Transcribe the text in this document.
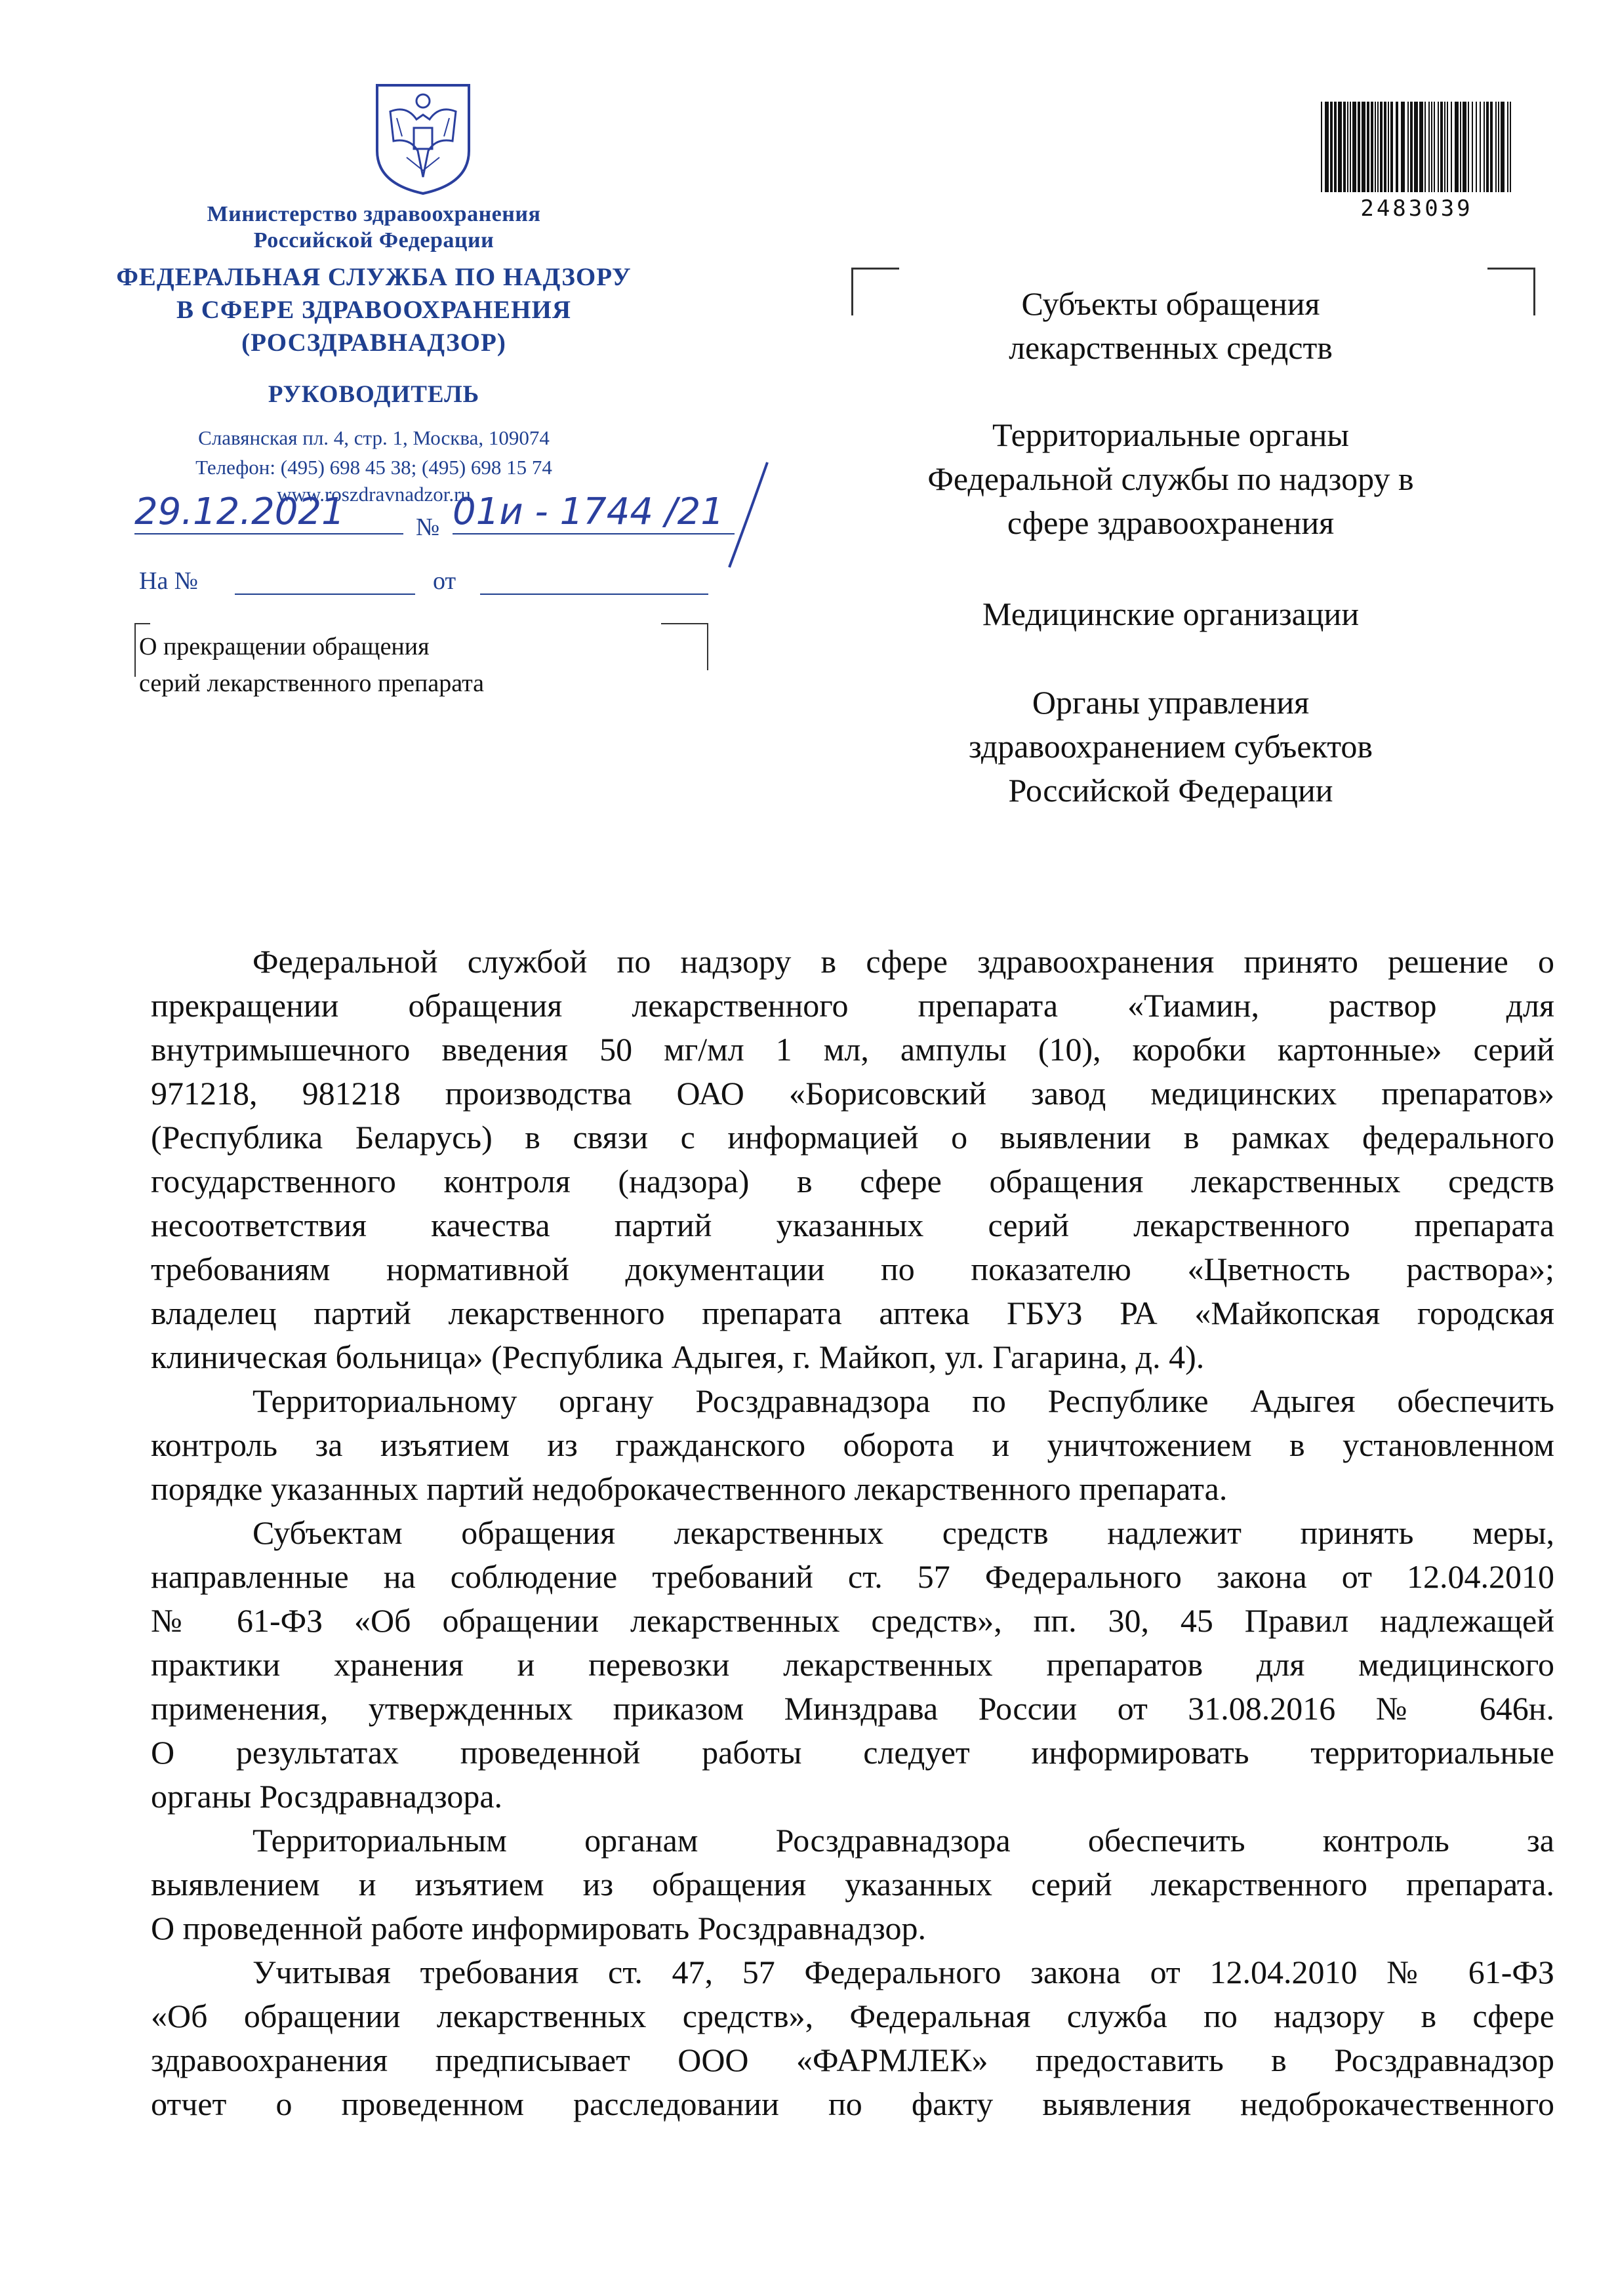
Министерство здравоохранения
Российской Федерации
ФЕДЕРАЛЬНАЯ СЛУЖБА ПО НАДЗОРУ
В СФЕРЕ ЗДРАВООХРАНЕНИЯ
(РОСЗДРАВНАДЗОР)
РУКОВОДИТЕЛЬ
Славянская пл. 4, стр. 1, Москва, 109074
Телефон: (495) 698 45 38; (495) 698 15 74
www.roszdravnadzor.ru
29.12.2021	№ 01и - 1744 /21
На №	от
О прекращении обращения
серий лекарственного препарата
2483039
Субъекты обращения
лекарственных средств
Территориальные органы
Федеральной службы по надзору в
сфере здравоохранения
Медицинские организации
Органы управления
здравоохранением субъектов
Российской Федерации
Федеральной службой по надзору в сфере здравоохранения принято решение о
прекращении обращения лекарственного препарата «Тиамин, раствор для
внутримышечного введения 50 мг/мл 1 мл, ампулы (10), коробки картонные» серий
971218, 981218 производства ОАО «Борисовский завод медицинских препаратов»
(Республика Беларусь) в связи с информацией о выявлении в рамках федерального
государственного контроля (надзора) в сфере обращения лекарственных средств
несоответствия качества партий указанных серий лекарственного препарата
требованиям нормативной документации по показателю «Цветность раствора»;
владелец партий лекарственного препарата аптека ГБУЗ РА «Майкопская городская
клиническая больница» (Республика Адыгея, г. Майкоп, ул. Гагарина, д. 4).
Территориальному органу Росздравнадзора по Республике Адыгея обеспечить
контроль за изъятием из гражданского оборота и уничтожением в установленном
порядке указанных партий недоброкачественного лекарственного препарата.
Субъектам обращения лекарственных средств надлежит принять меры,
направленные на соблюдение требований ст. 57 Федерального закона от 12.04.2010
№ 61-ФЗ «Об обращении лекарственных средств», пп. 30, 45 Правил надлежащей
практики хранения и перевозки лекарственных препаратов для медицинского
применения, утвержденных приказом Минздрава России от 31.08.2016 № 646н.
О результатах проведенной работы следует информировать территориальные
органы Росздравнадзора.
Территориальным органам Росздравнадзора обеспечить контроль за
выявлением и изъятием из обращения указанных серий лекарственного препарата.
О проведенной работе информировать Росздравнадзор.
Учитывая требования ст. 47, 57 Федерального закона от 12.04.2010 № 61-ФЗ
«Об обращении лекарственных средств», Федеральная служба по надзору в сфере
здравоохранения предписывает ООО «ФАРМЛЕК» предоставить в Росздравнадзор
отчет о проведенном расследовании по факту выявления недоброкачественного
